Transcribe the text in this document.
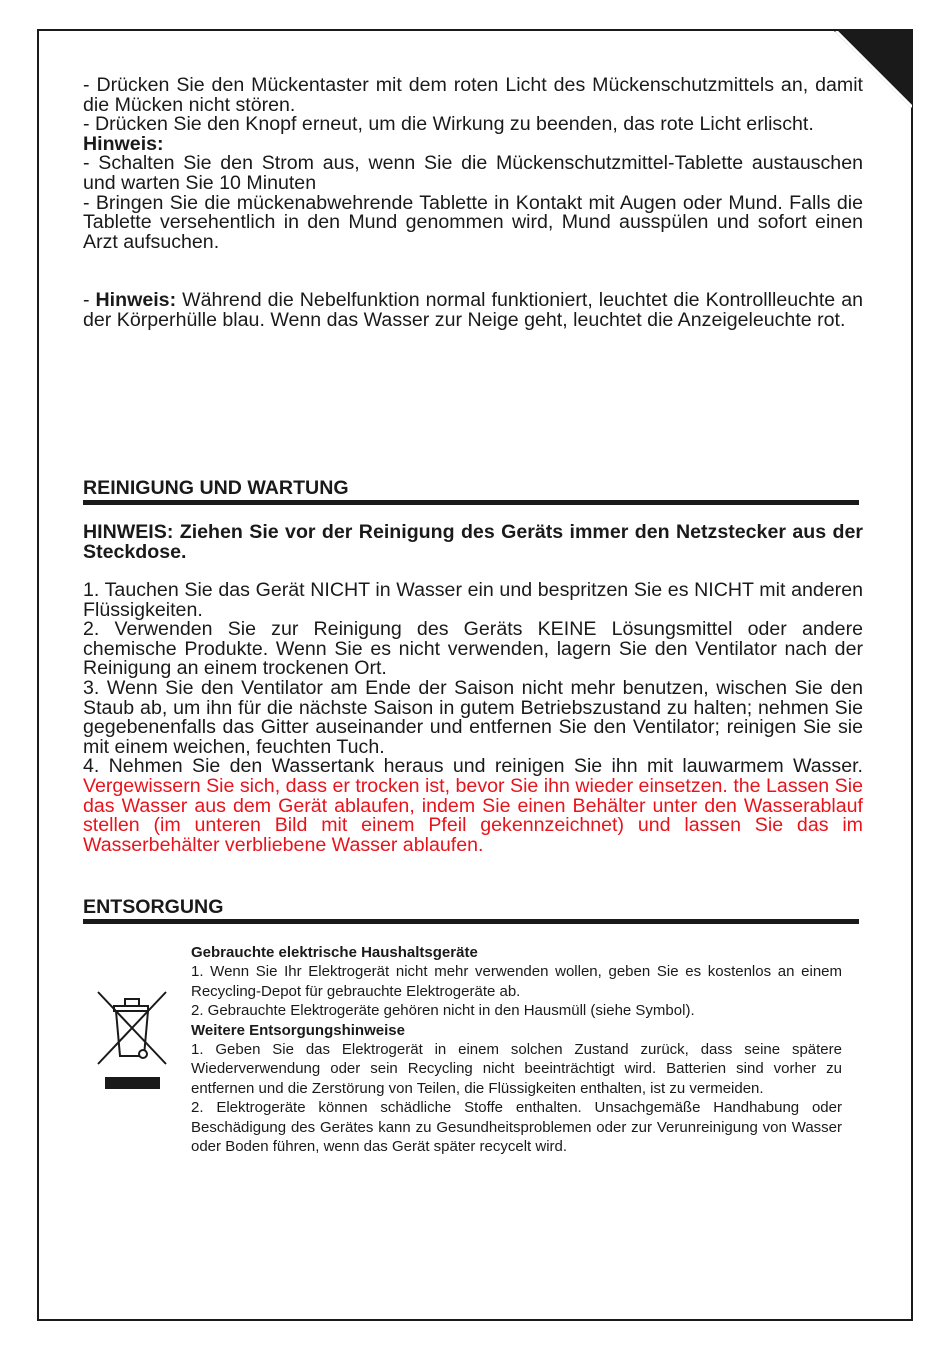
- Drücken Sie den Mückentaster mit dem roten Licht des Mückenschutzmittels an, damit die Mücken nicht stören.

- Drücken Sie den Knopf erneut, um die Wirkung zu beenden, das rote Licht erlischt.

Hinweis:

- Schalten Sie den Strom aus, wenn Sie die Mückenschutzmittel-Tablette austauschen und warten Sie 10 Minuten

- Bringen Sie die mückenabwehrende Tablette in Kontakt mit Augen oder Mund. Falls die Tablette versehentlich in den Mund genommen wird, Mund ausspülen und sofort einen Arzt aufsuchen.

- Hinweis: Während die Nebelfunktion normal funktioniert, leuchtet die Kontrollleuchte an der Körperhülle blau. Wenn das Wasser zur Neige geht, leuchtet die Anzeigeleuchte rot.

REINIGUNG UND WARTUNG
HINWEIS: Ziehen Sie vor der Reinigung des Geräts immer den Netzstecker aus der Steckdose.

1. Tauchen Sie das Gerät NICHT in Wasser ein und bespritzen Sie es NICHT mit anderen Flüssigkeiten.

2. Verwenden Sie zur Reinigung des Geräts KEINE Lösungsmittel oder andere chemische Produkte. Wenn Sie es nicht verwenden, lagern Sie den Ventilator nach der Reinigung an einem trockenen Ort.

3. Wenn Sie den Ventilator am Ende der Saison nicht mehr benutzen, wischen Sie den Staub ab, um ihn für die nächste Saison in gutem Betriebszustand zu halten; nehmen Sie gegebenenfalls das Gitter auseinander und entfernen Sie den Ventilator; reinigen Sie sie mit einem weichen, feuchten Tuch.

4. Nehmen Sie den Wassertank heraus und reinigen Sie ihn mit lauwarmem Wasser. Vergewissern Sie sich, dass er trocken ist, bevor Sie ihn wieder einsetzen. the Lassen Sie das Wasser aus dem Gerät ablaufen, indem Sie einen Behälter unter den Wasserablauf stellen (im unteren Bild mit einem Pfeil gekennzeichnet) und lassen Sie das im Wasserbehälter verbliebene Wasser ablaufen.

ENTSORGUNG

Gebrauchte elektrische Haushaltsgeräte

1. Wenn Sie Ihr Elektrogerät nicht mehr verwenden wollen, geben Sie es kostenlos an einem Recycling-Depot für gebrauchte Elektrogeräte ab.

2. Gebrauchte Elektrogeräte gehören nicht in den Hausmüll (siehe Symbol).

Weitere Entsorgungshinweise

1. Geben Sie das Elektrogerät in einem solchen Zustand zurück, dass seine spätere Wiederverwendung oder sein Recycling nicht beeinträchtigt wird. Batterien sind vorher zu entfernen und die Zerstörung von Teilen, die Flüssigkeiten enthalten, ist zu vermeiden.

2. Elektrogeräte können schädliche Stoffe enthalten. Unsachgemäße Handhabung oder Beschädigung des Gerätes kann zu Gesundheitsproblemen oder zur Verunreinigung von Wasser oder Boden führen, wenn das Gerät später recycelt wird.
